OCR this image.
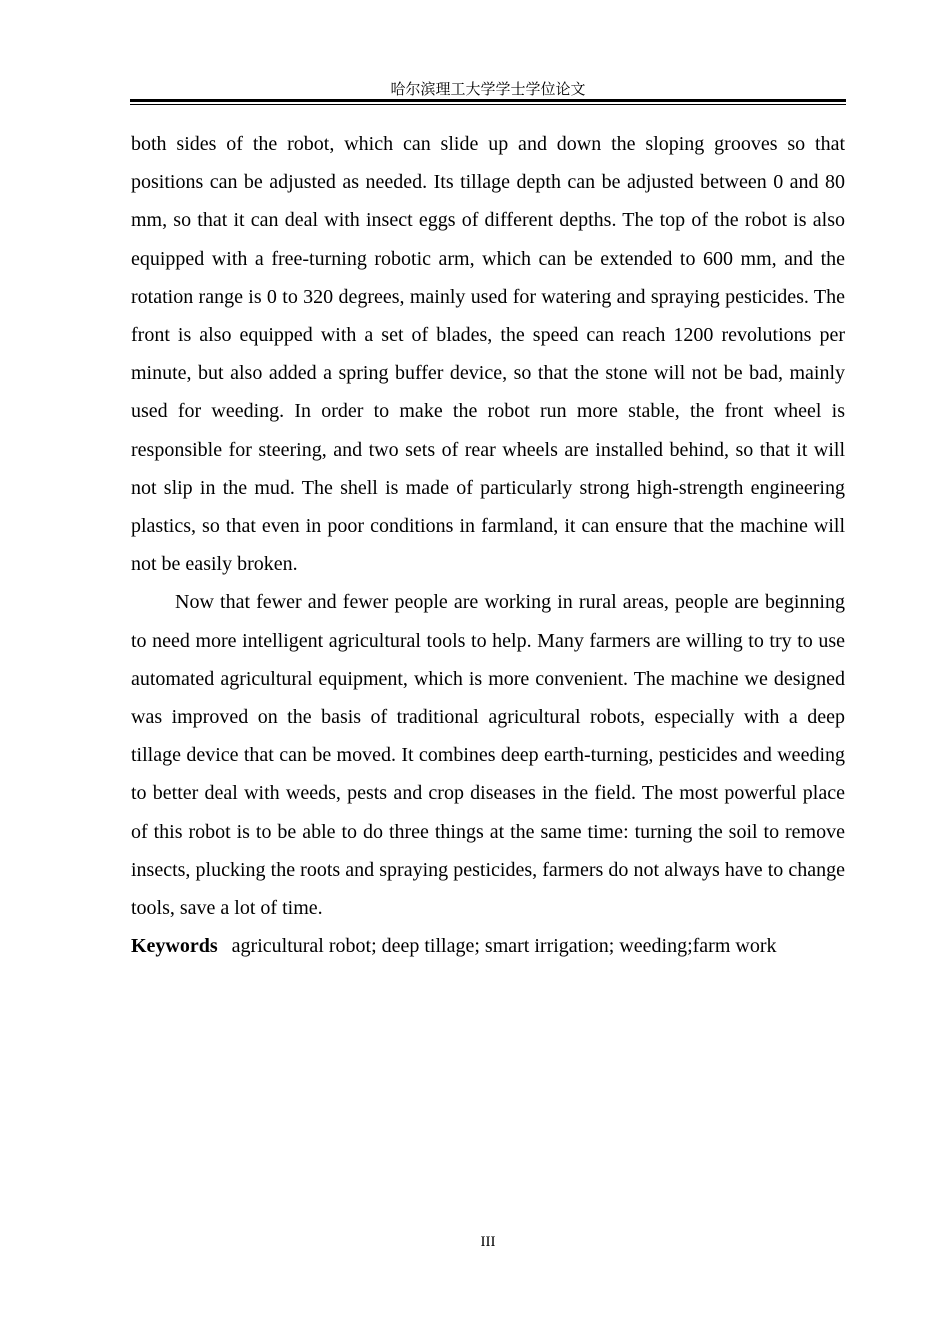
哈尔滨理工大学学士学位论文

both sides of the robot, which can slide up and down the sloping grooves so that positions can be adjusted as needed. Its tillage depth can be adjusted between 0 and 80 mm, so that it can deal with insect eggs of different depths. The top of the robot is also equipped with a free-turning robotic arm, which can be extended to 600 mm, and the rotation range is 0 to 320 degrees, mainly used for watering and spraying pesticides. The front is also equipped with a set of blades, the speed can reach 1200 revolutions per minute, but also added a spring buffer device, so that the stone will not be bad, mainly used for weeding. In order to make the robot run more stable, the front wheel is responsible for steering, and two sets of rear wheels are installed behind, so that it will not slip in the mud. The shell is made of particularly strong high-strength engineering plastics, so that even in poor conditions in farmland, it can ensure that the machine will not be easily broken.

Now that fewer and fewer people are working in rural areas, people are beginning to need more intelligent agricultural tools to help. Many farmers are willing to try to use automated agricultural equipment, which is more convenient. The machine we designed was improved on the basis of traditional agricultural robots, especially with a deep tillage device that can be moved. It combines deep earth-turning, pesticides and weeding to better deal with weeds, pests and crop diseases in the field. The most powerful place of this robot is to be able to do three things at the same time: turning the soil to remove insects, plucking the roots and spraying pesticides, farmers do not always have to change tools, save a lot of time.

Keywords agricultural robot; deep tillage; smart irrigation; weeding;farm work

III
